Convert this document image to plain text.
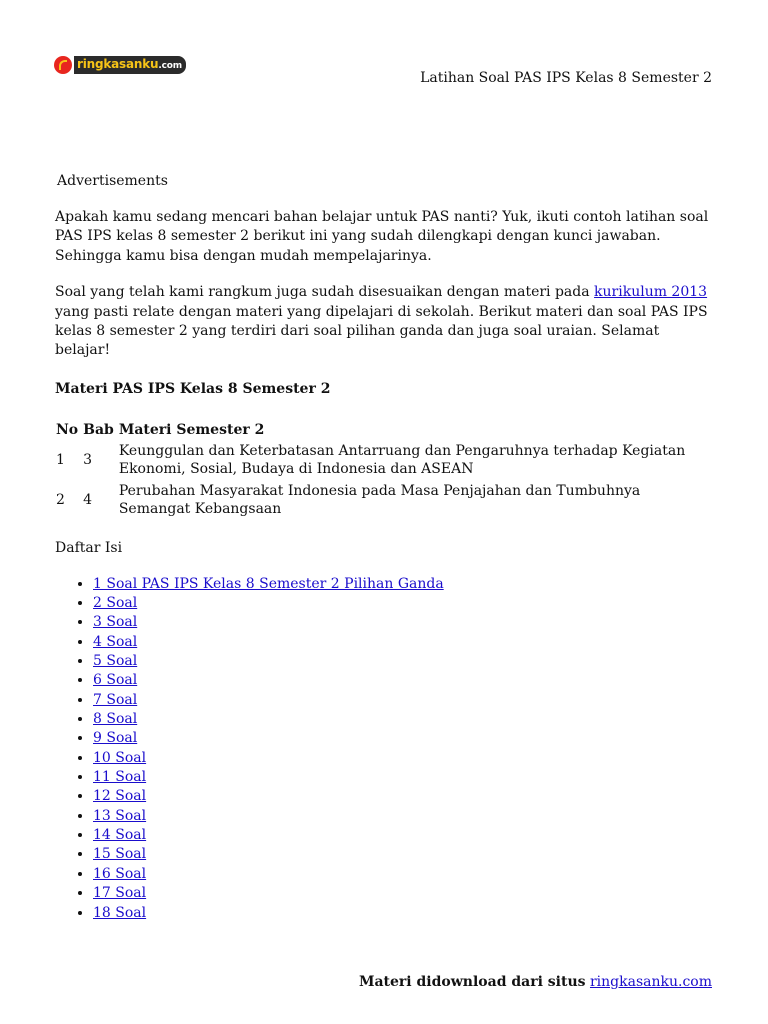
ringkasanku.com
Latihan Soal PAS IPS Kelas 8 Semester 2
Advertisements

Apakah kamu sedang mencari bahan belajar untuk PAS nanti? Yuk, ikuti contoh latihan soal PAS IPS kelas 8 semester 2 berikut ini yang sudah dilengkapi dengan kunci jawaban. Sehingga kamu bisa dengan mudah mempelajarinya.

Soal yang telah kami rangkum juga sudah disesuaikan dengan materi pada kurikulum 2013 yang pasti relate dengan materi yang dipelajari di sekolah. Berikut materi dan soal PAS IPS kelas 8 semester 2 yang terdiri dari soal pilihan ganda dan juga soal uraian. Selamat belajar!

Materi PAS IPS Kelas 8 Semester 2
No	Bab	Materi Semester 2
1	3	Keunggulan dan Keterbatasan Antarruang dan Pengaruhnya terhadap Kegiatan Ekonomi, Sosial, Budaya di Indonesia dan ASEAN
2	4	Perubahan Masyarakat Indonesia pada Masa Penjajahan dan Tumbuhnya Semangat Kebangsaan
Daftar Isi
• 1 Soal PAS IPS Kelas 8 Semester 2 Pilihan Ganda
• 2 Soal
• 3 Soal
• 4 Soal
• 5 Soal
• 6 Soal
• 7 Soal
• 8 Soal
• 9 Soal
• 10 Soal
• 11 Soal
• 12 Soal
• 13 Soal
• 14 Soal
• 15 Soal
• 16 Soal
• 17 Soal
• 18 Soal
Materi didownload dari situs ringkasanku.com
